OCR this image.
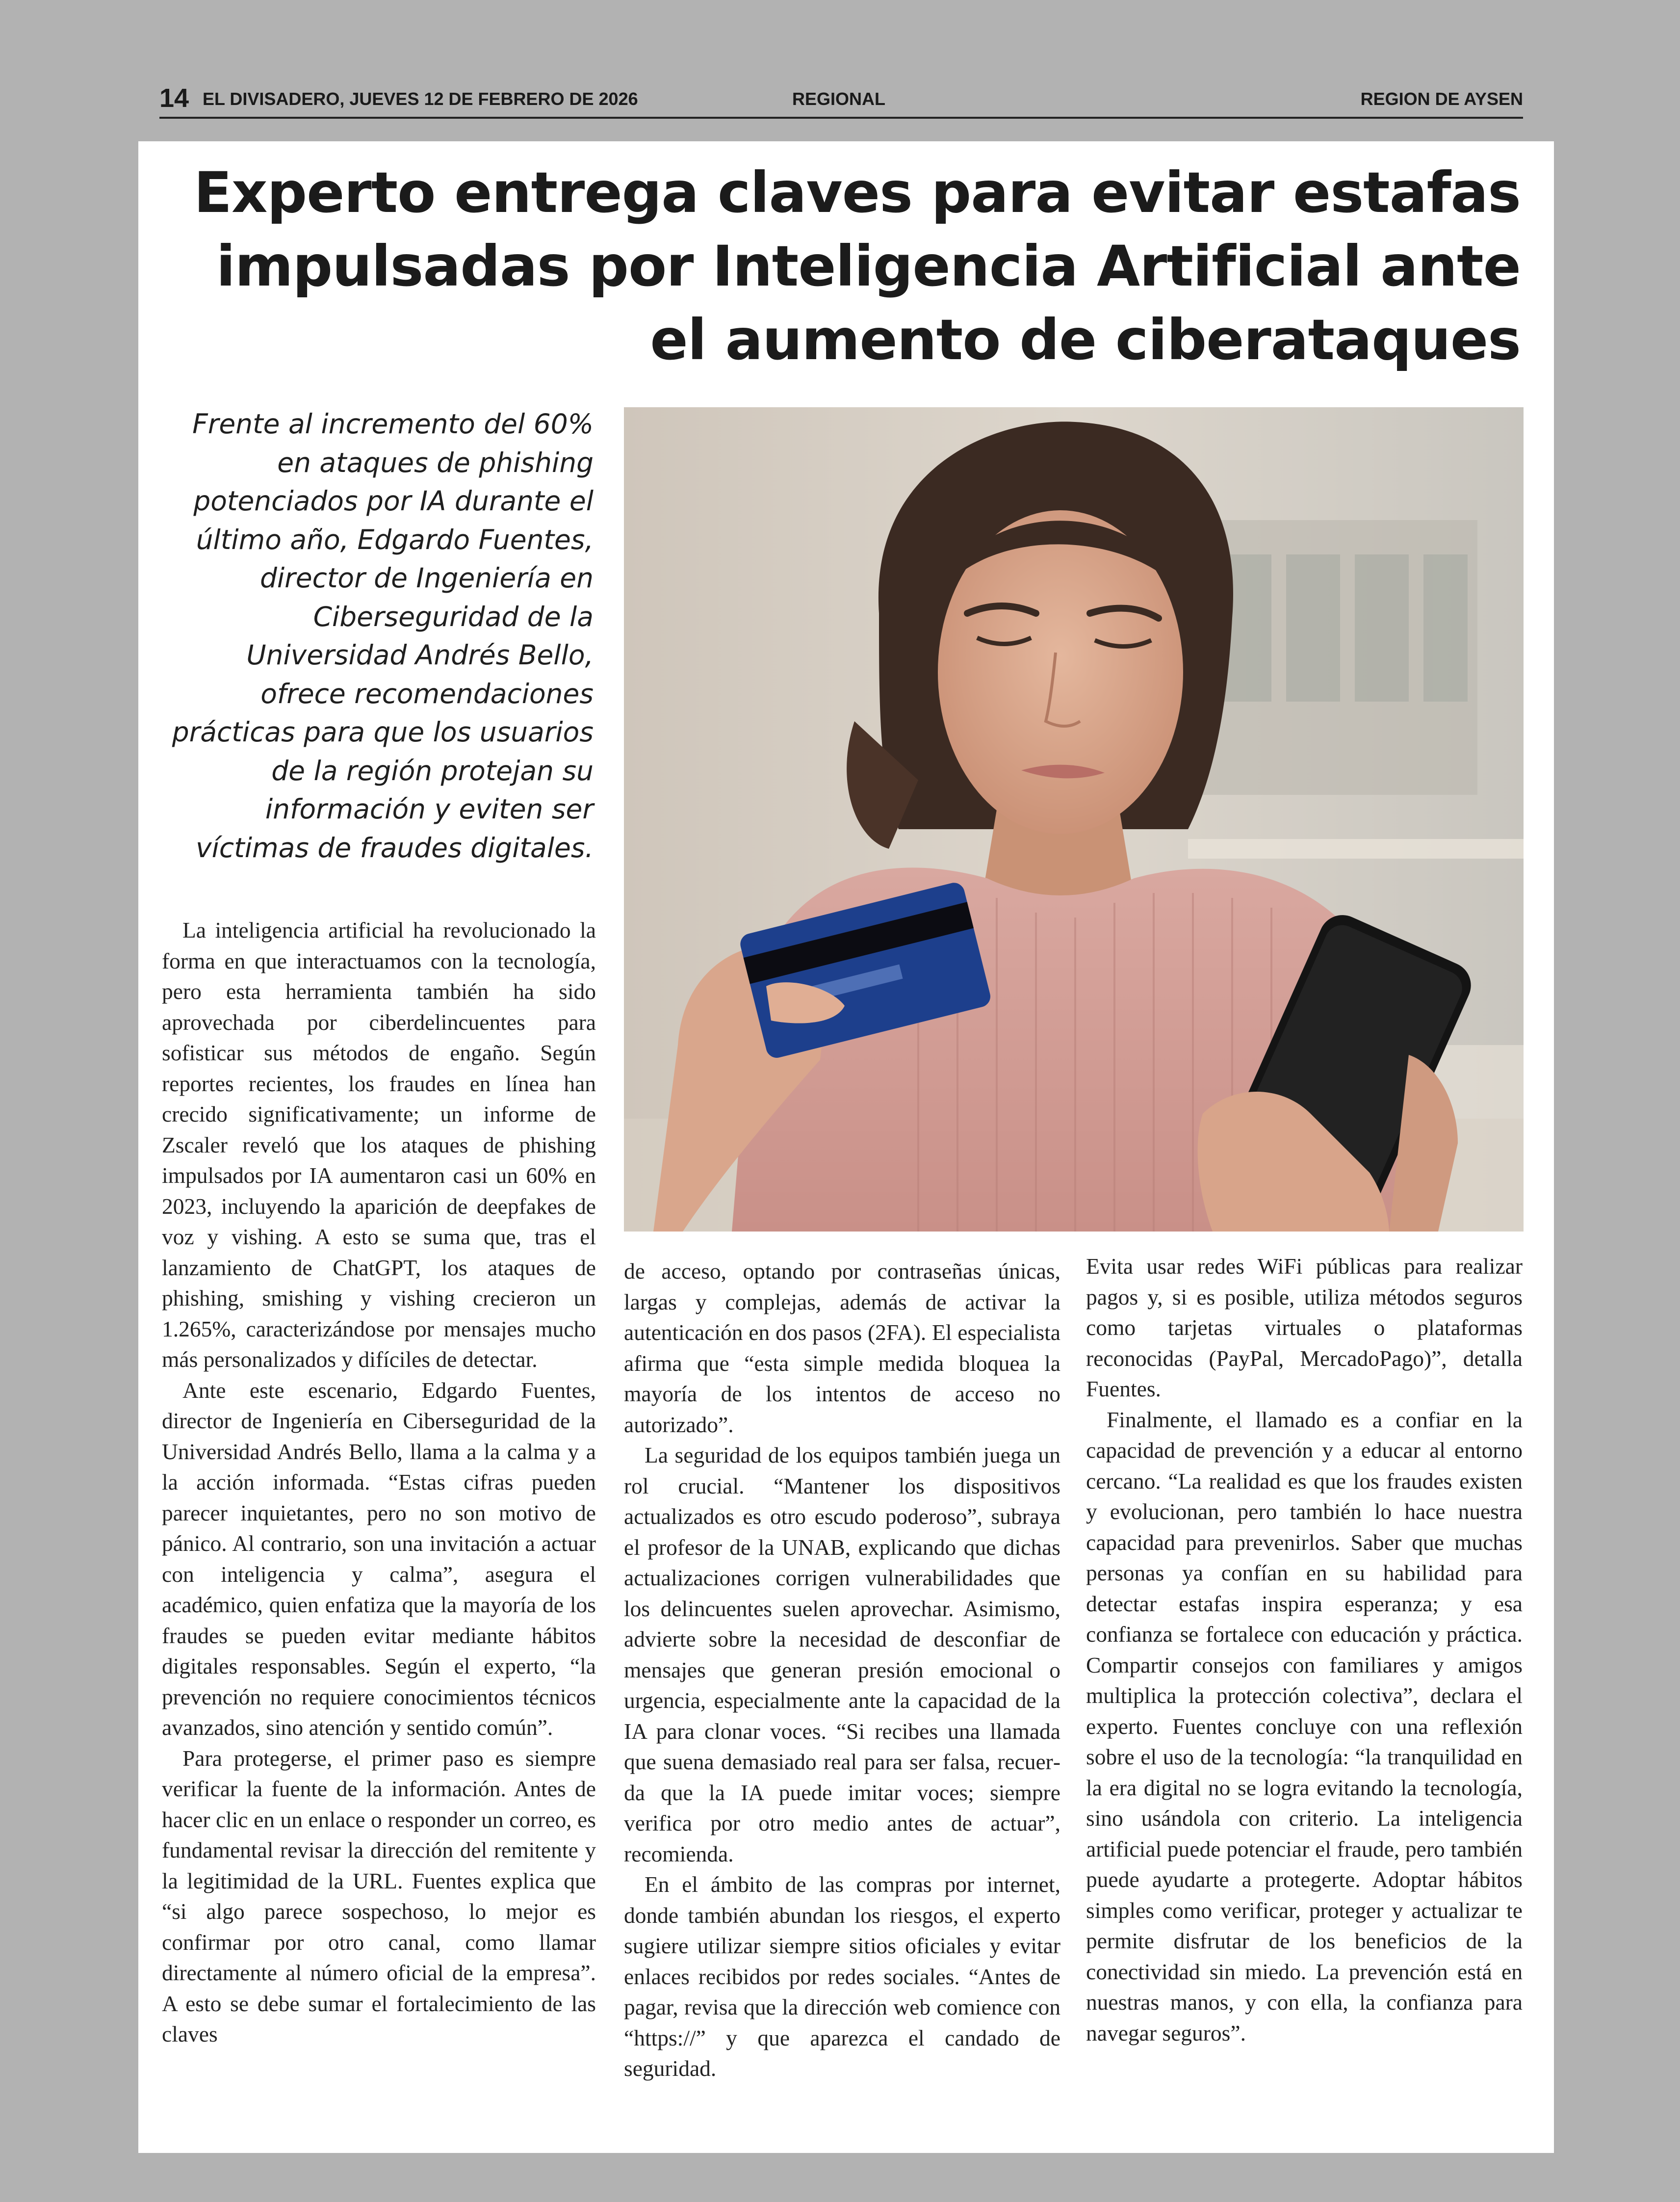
14 EL DIVISADERO, JUEVES 12 DE FEBRERO DE 2026	REGIONAL	REGION DE AYSEN
Experto entrega claves para evitar estafas impulsadas por Inteligencia Artificial ante el aumento de ciberataques

Frente al incremento del 60% en ataques de phishing potenciados por IA durante el último año, Edgardo Fuentes, director de Ingeniería en Ciberseguridad de la Universidad Andrés Bello, ofrece recomendaciones prácticas para que los usuarios de la región protejan su información y eviten ser víctimas de fraudes digitales.

La inteligencia artificial ha revolucionado la forma en que interactuamos con la tecnología, pero esta herramienta también ha sido aprovechada por ciberdelincuentes para sofisticar sus métodos de engaño. Según reportes recientes, los fraudes en línea han crecido significativamente; un informe de Zscaler reveló que los ataques de phishing impulsados por IA aumentaron casi un 60% en 2023, incluyendo la aparición de deepfakes de voz y vishing. A esto se suma que, tras el lanzamiento de ChatGPT, los ataques de phishing, smishing y vishing crecieron un 1.265%, caracterizándose por mensajes mucho más personalizados y difíciles de detectar.

Ante este escenario, Edgardo Fuentes, director de Ingeniería en Ciberseguridad de la Universidad Andrés Bello, llama a la calma y a la acción informada. “Estas cifras pueden parecer inquietantes, pero no son motivo de pánico. Al contrario, son una invitación a actuar con inteligencia y calma”, asegura el académico, quien enfatiza que la mayoría de los fraudes se pueden evitar mediante hábitos digitales responsables. Según el experto, “la prevención no requiere conocimientos técnicos avanzados, sino atención y sentido común”.

Para protegerse, el primer paso es siempre verificar la fuente de la información. Antes de hacer clic en un enlace o responder un correo, es fundamental revisar la dirección del remitente y la legitimidad de la URL. Fuentes explica que “si algo parece sospechoso, lo mejor es confirmar por otro canal, como llamar directamente al número oficial de la empresa”. A esto se debe sumar el fortalecimiento de las claves

de acceso, optando por contraseñas únicas, largas y complejas, además de activar la autenticación en dos pasos (2FA). El especialista afirma que “esta simple medida bloquea la mayoría de los intentos de acceso no autorizado”.

La seguridad de los equipos también juega un rol crucial. “Mantener los dispositivos actualizados es otro escudo poderoso”, subraya el profesor de la UNAB, explicando que dichas actualizaciones corrigen vulnerabilidades que los delincuentes suelen aprovechar. Asimismo, advierte sobre la necesidad de desconfiar de mensajes que generan presión emocional o urgencia, especialmente ante la capacidad de la IA para clonar voces. “Si recibes una llamada que suena demasiado real para ser falsa, recuerda que la IA puede imitar voces; siempre verifica por otro medio antes de actuar”, recomienda.

En el ámbito de las compras por internet, donde también abundan los riesgos, el experto sugiere utilizar siempre sitios oficiales y evitar enlaces recibidos por redes sociales. “Antes de pagar, revisa que la dirección web comience con “https://” y que aparezca el candado de seguridad.

Evita usar redes WiFi públicas para realizar pagos y, si es posible, utiliza métodos seguros como tarjetas virtuales o plataformas reconocidas (PayPal, MercadoPago)”, detalla Fuentes.

Finalmente, el llamado es a confiar en la capacidad de prevención y a educar al entorno cercano. “La realidad es que los fraudes existen y evolucionan, pero también lo hace nuestra capacidad para prevenirlos. Saber que muchas personas ya confían en su habilidad para detectar estafas inspira esperanza; y esa confianza se fortalece con educación y práctica. Compartir consejos con familiares y amigos multiplica la protección colectiva”, declara el experto. Fuentes concluye con una reflexión sobre el uso de la tecnología: “la tranquilidad en la era digital no se logra evitando la tecnología, sino usándola con criterio. La inteligencia artificial puede potenciar el fraude, pero también puede ayudarte a protegerte. Adoptar hábitos simples como verificar, proteger y actualizar te permite disfrutar de los beneficios de la conectividad sin miedo. La prevención está en nuestras manos, y con ella, la confianza para navegar seguros”.
